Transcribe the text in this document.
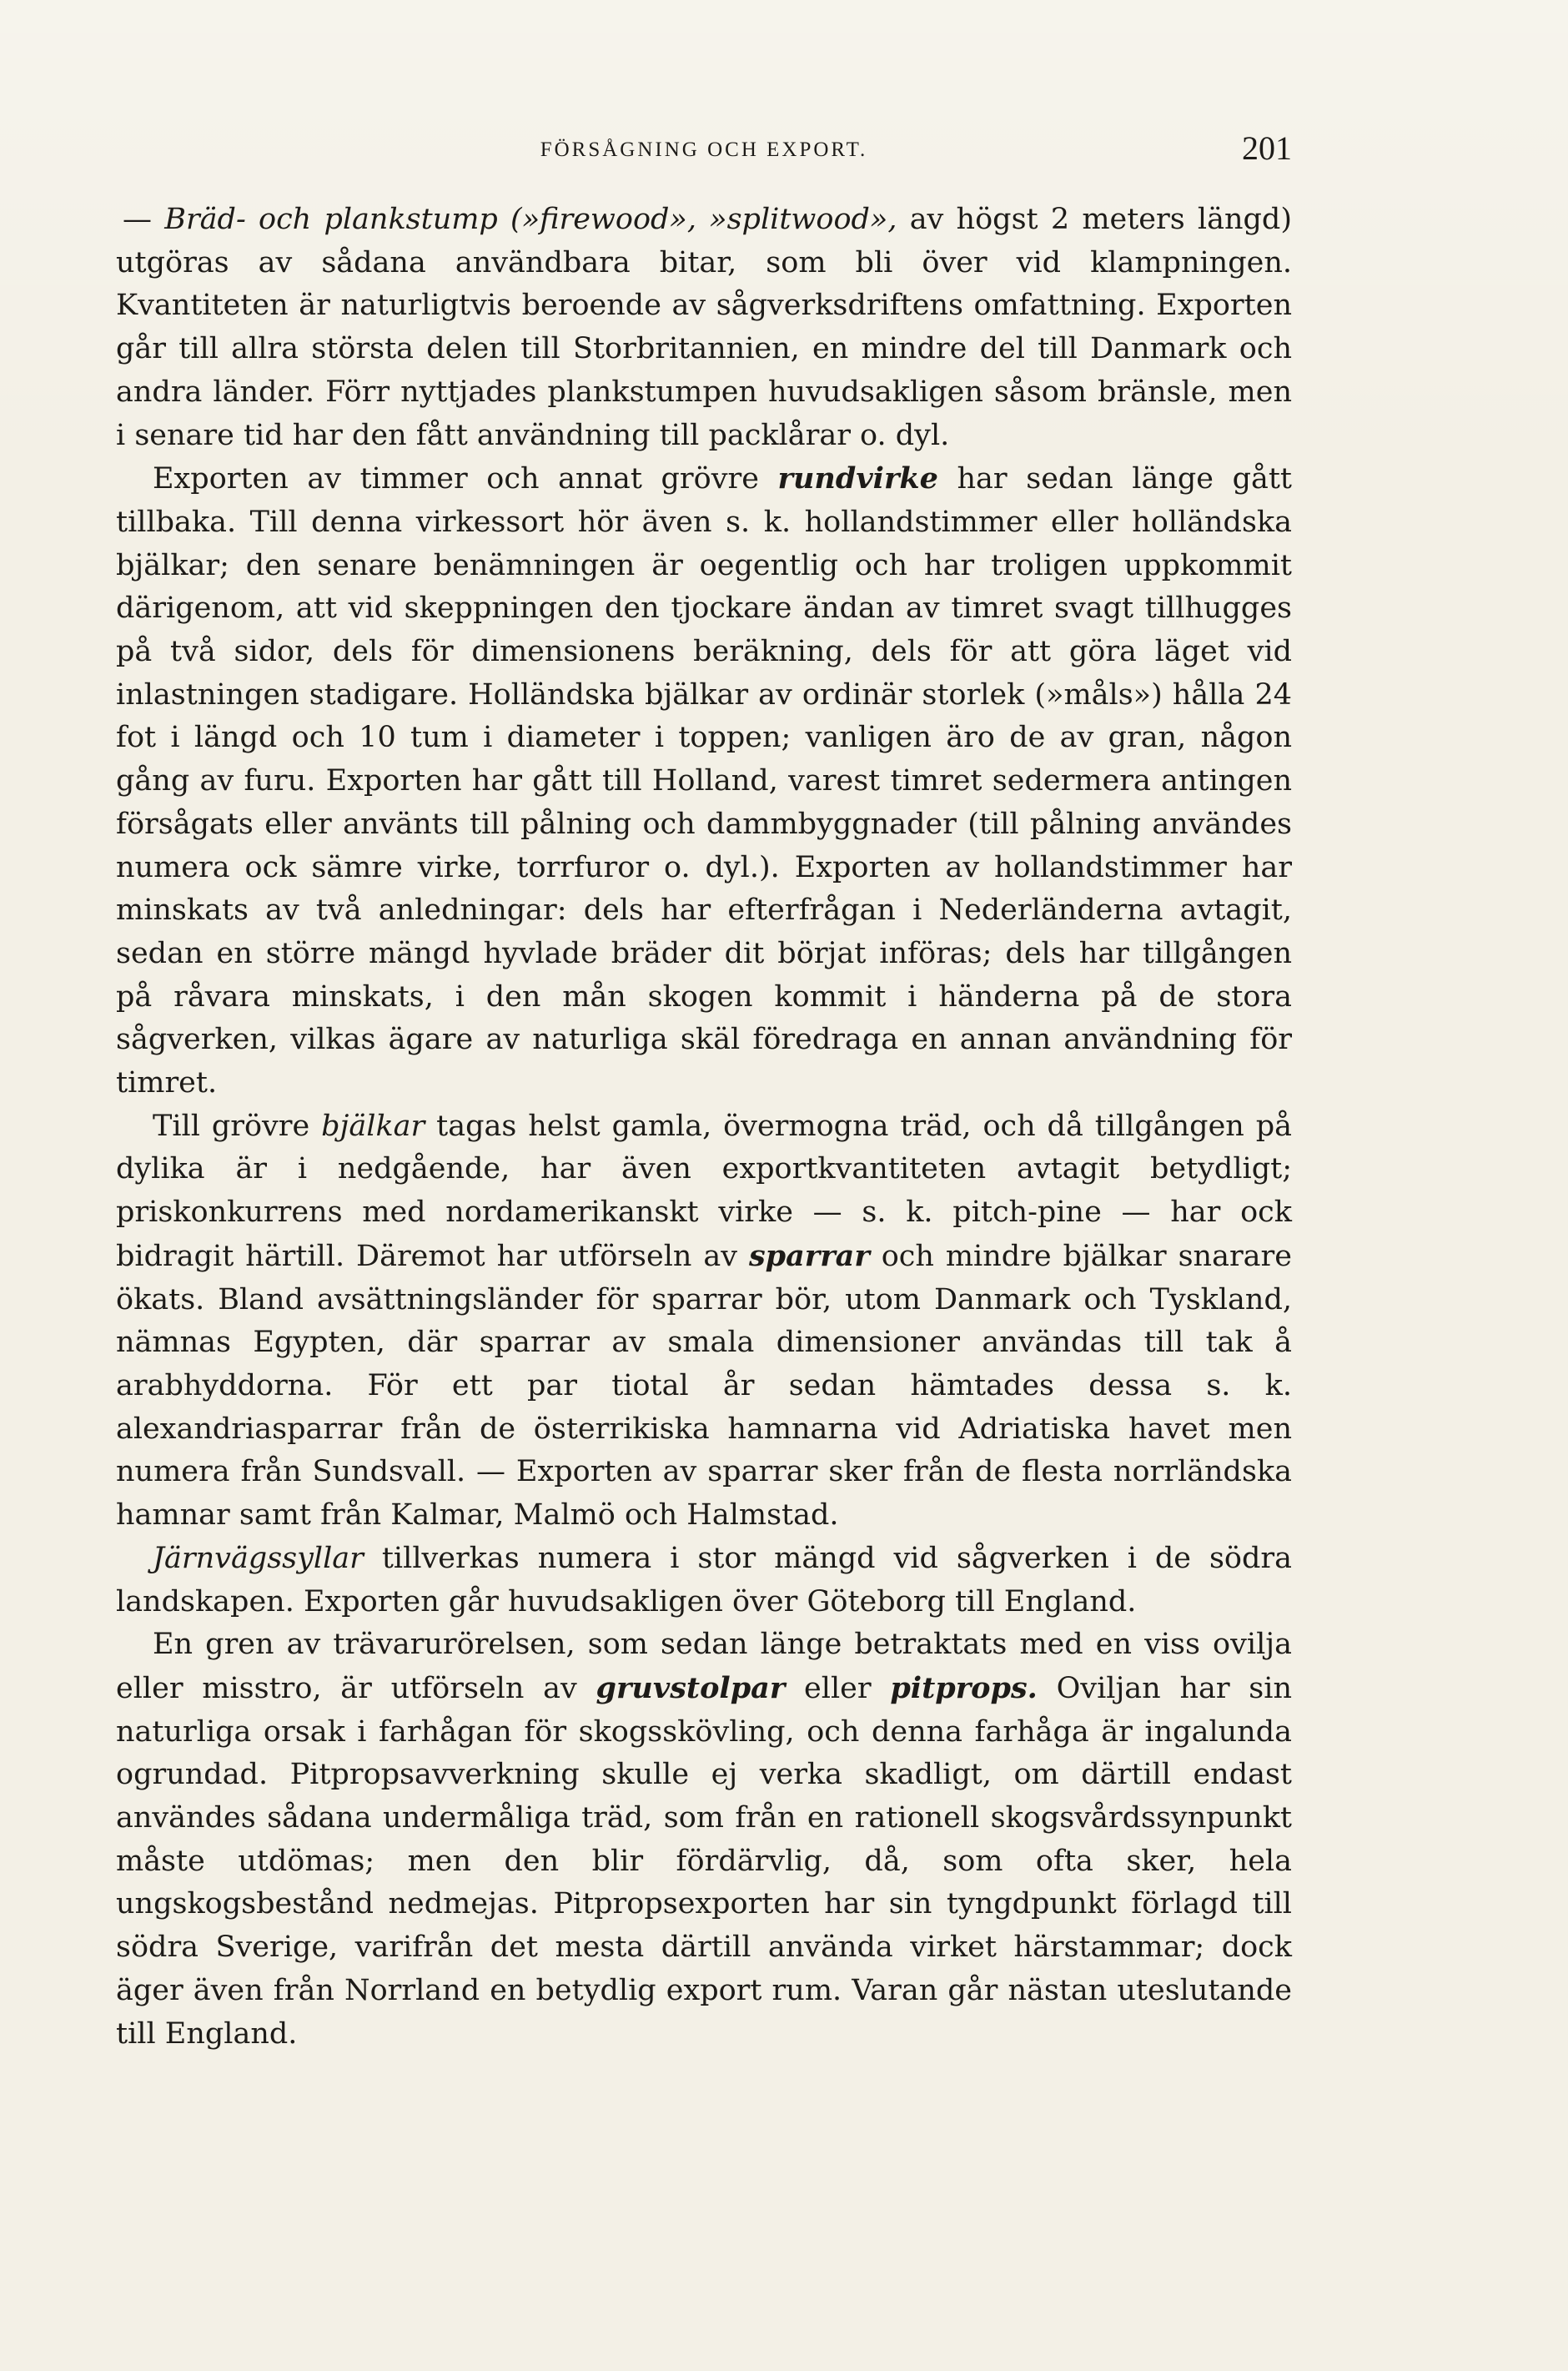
FÖRSÅGNING OCH EXPORT.	201

— Bräd- och plankstump (»firewood», »splitwood», av högst 2 meters längd) utgöras av sådana användbara bitar, som bli över vid klampningen. Kvantiteten är naturligtvis beroende av sågverksdriftens omfattning. Exporten går till allra största delen till Storbritannien, en mindre del till Danmark och andra länder. Förr nyttjades plankstumpen huvudsakligen såsom bränsle, men i senare tid har den fått användning till packlårar o. dyl.

Exporten av timmer och annat grövre rundvirke har sedan länge gått tillbaka. Till denna virkessort hör även s. k. hollandstimmer eller holländska bjälkar; den senare benämningen är oegentlig och har troligen uppkommit därigenom, att vid skeppningen den tjockare ändan av timret svagt tillhugges på två sidor, dels för dimensionens beräkning, dels för att göra läget vid inlastningen stadigare. Holländska bjälkar av ordinär storlek (»måls») hålla 24 fot i längd och 10 tum i diameter i toppen; vanligen äro de av gran, någon gång av furu. Exporten har gått till Holland, varest timret sedermera antingen försågats eller använts till pålning och dammbyggnader (till pålning användes numera ock sämre virke, torrfuror o. dyl.). Exporten av hollandstimmer har minskats av två anledningar: dels har efterfrågan i Nederländerna avtagit, sedan en större mängd hyvlade bräder dit börjat införas; dels har tillgången på råvara minskats, i den mån skogen kommit i händerna på de stora sågverken, vilkas ägare av naturliga skäl föredraga en annan användning för timret.

Till grövre bjälkar tagas helst gamla, övermogna träd, och då tillgången på dylika är i nedgående, har även exportkvantiteten avtagit betydligt; priskonkurrens med nordamerikanskt virke — s. k. pitch-pine — har ock bidragit härtill. Däremot har utförseln av sparrar och mindre bjälkar snarare ökats. Bland avsättningsländer för sparrar bör, utom Danmark och Tyskland, nämnas Egypten, där sparrar av smala dimensioner användas till tak å arabhyddorna. För ett par tiotal år sedan hämtades dessa s. k. alexandriasparrar från de österrikiska hamnarna vid Adriatiska havet men numera från Sundsvall. — Exporten av sparrar sker från de flesta norrländska hamnar samt från Kalmar, Malmö och Halmstad.

Järnvägssyllar tillverkas numera i stor mängd vid sågverken i de södra landskapen. Exporten går huvudsakligen över Göteborg till England.

En gren av trävarurörelsen, som sedan länge betraktats med en viss ovilja eller misstro, är utförseln av gruvstolpar eller pitprops. Oviljan har sin naturliga orsak i farhågan för skogsskövling, och denna farhåga är ingalunda ogrundad. Pitpropsavverkning skulle ej verka skadligt, om därtill endast användes sådana undermåliga träd, som från en rationell skogsvårdssynpunkt måste utdömas; men den blir fördärvlig, då, som ofta sker, hela ungskogsbestånd nedmejas. Pitpropsexporten har sin tyngdpunkt förlagd till södra Sverige, varifrån det mesta därtill använda virket härstammar; dock äger även från Norrland en betydlig export rum. Varan går nästan uteslutande till England.
